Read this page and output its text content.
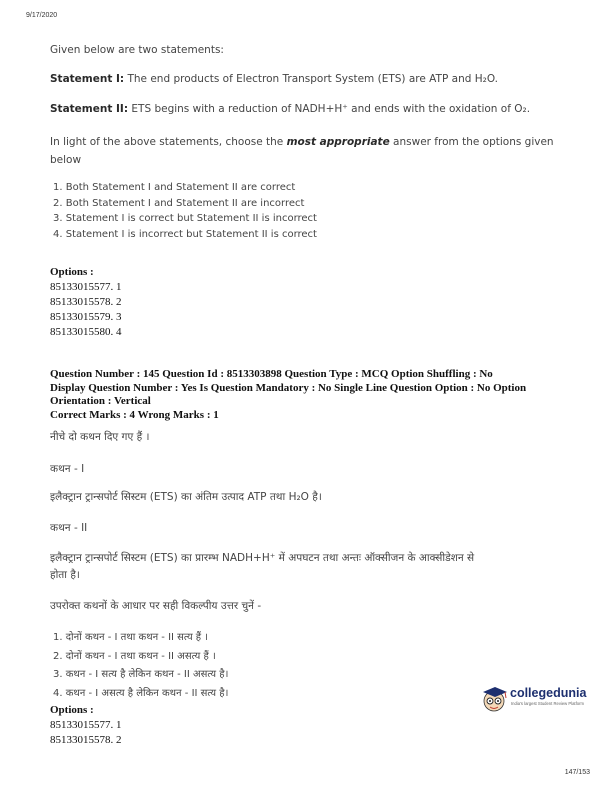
9/17/2020
Given below are two statements:
Statement I: The end products of Electron Transport System (ETS) are ATP and H₂O.
Statement II: ETS begins with a reduction of NADH+H⁺ and ends with the oxidation of O₂.
In light of the above statements, choose the most appropriate answer from the options given
below
1. Both Statement I and Statement II are correct
2. Both Statement I and Statement II are incorrect
3. Statement I is correct but Statement II is incorrect
4. Statement I is incorrect but Statement II is correct
Options :
85133015577. 1
85133015578. 2
85133015579. 3
85133015580. 4
Question Number : 145 Question Id : 8513303898 Question Type : MCQ Option Shuffling : No
Display Question Number : Yes Is Question Mandatory : No Single Line Question Option : No Option
Orientation : Vertical
Correct Marks : 4 Wrong Marks : 1
नीचे दो कथन दिए गए हैं ।
कथन - I
इलैक्ट्रान ट्रान्सपोर्ट सिस्टम (ETS) का अंतिम उत्पाद ATP तथा H₂O है।
कथन - II
इलैक्ट्रान ट्रान्सपोर्ट सिस्टम (ETS) का प्रारम्भ NADH+H⁺ में अपघटन तथा अन्तः ऑक्सीजन के आक्सीडेशन से
होता है।
उपरोक्त कथनों के आधार पर सही विकल्पीय उत्तर चुनें -
1. दोनों कथन - I तथा कथन - II सत्य हैं ।
2. दोनों कथन - I तथा कथन - II असत्य हैं ।
3. कथन - I सत्य है लेकिन कथन - II असत्य है।
4. कथन - I असत्य है लेकिन कथन - II सत्य है।
Options :
85133015577. 1
85133015578. 2
collegedunia
India's largest Student Review Platform
147/153
